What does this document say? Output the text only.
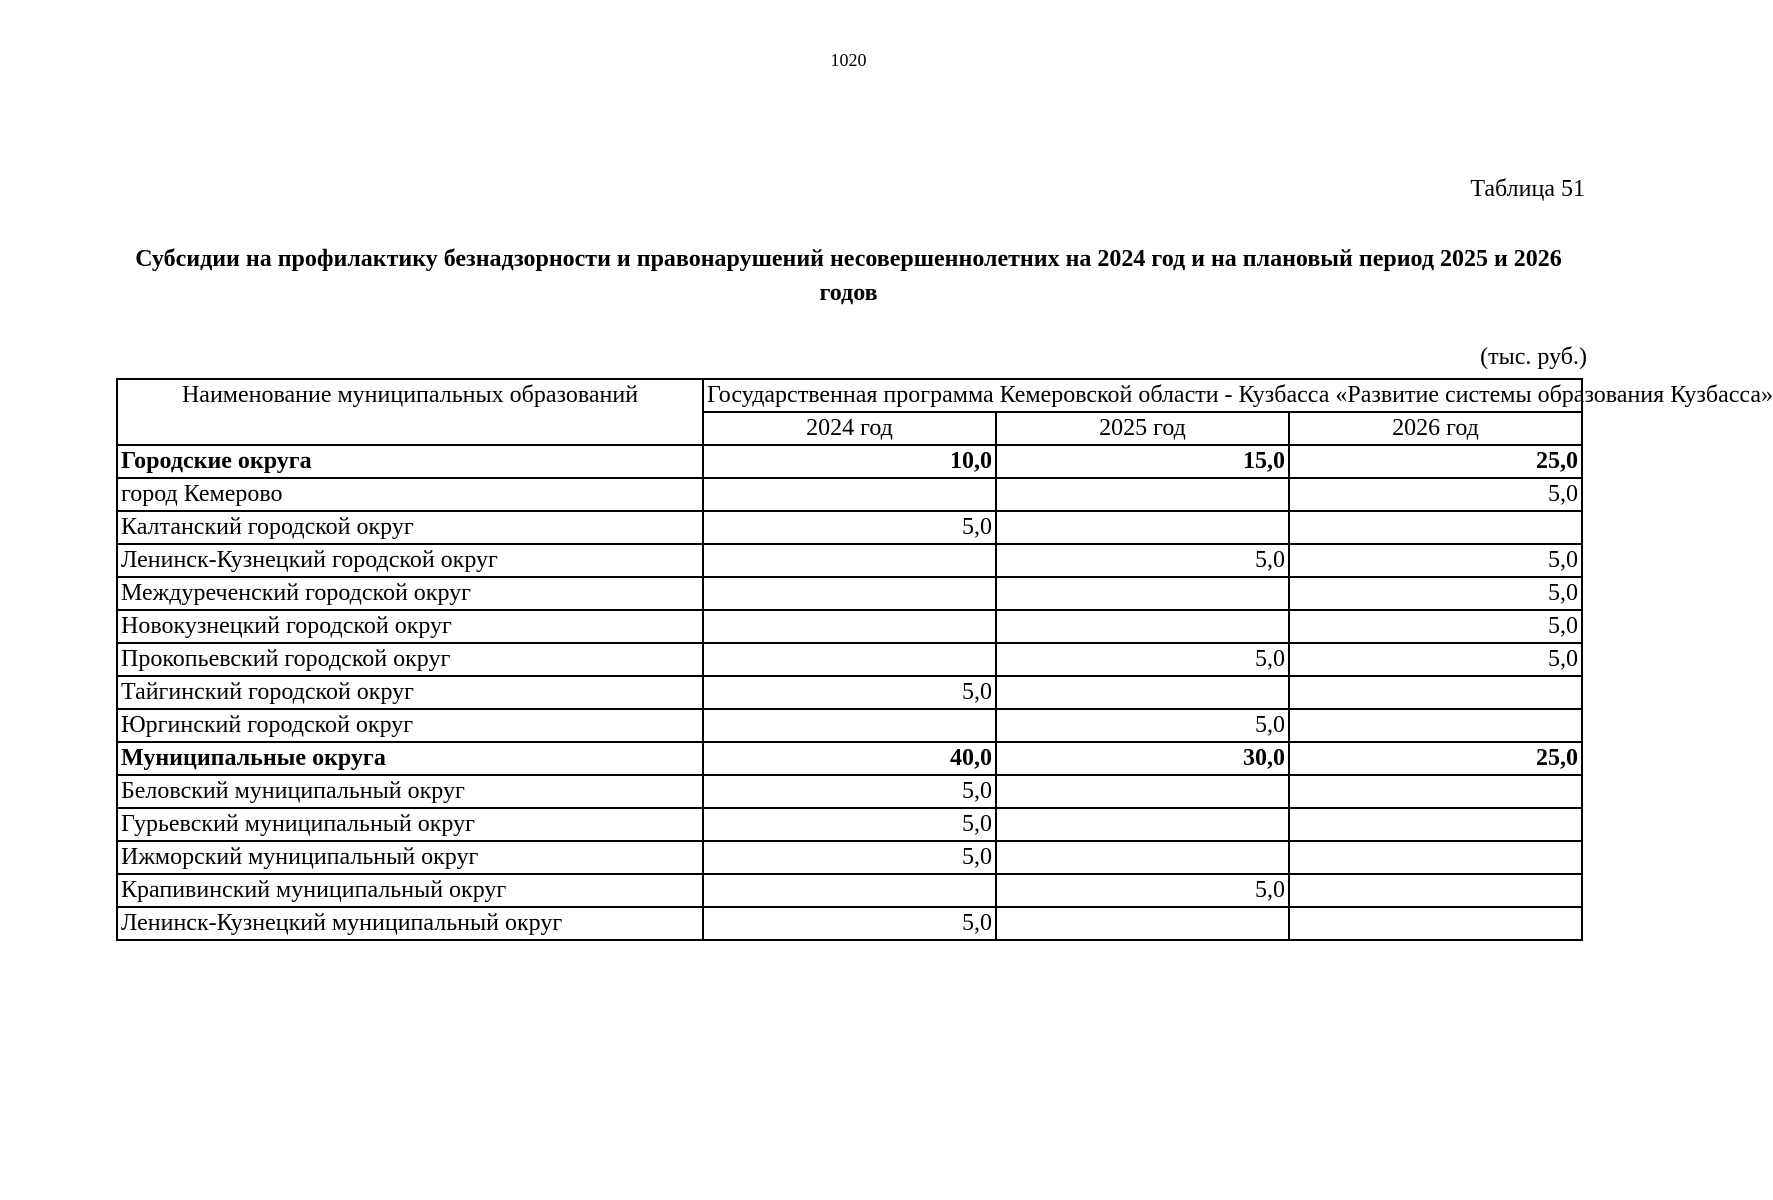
1020
Таблица 51
Субсидии на профилактику безнадзорности и правонарушений несовершеннолетних на 2024 год и на плановый период 2025 и 2026 годов
(тыс. руб.)
Наименование муниципальных образований	Государственная программа Кемеровской области - Кузбасса «Развитие системы образования Кузбасса»		
	2024 год	2025 год	2026 год
Городские округа	10,0	15,0	25,0
город Кемерово			5,0
Калтанский городской округ	5,0		
Ленинск-Кузнецкий городской округ		5,0	5,0
Междуреченский городской округ			5,0
Новокузнецкий городской округ			5,0
Прокопьевский городской округ		5,0	5,0
Тайгинский городской округ	5,0		
Юргинский городской округ		5,0	
Муниципальные округа	40,0	30,0	25,0
Беловский муниципальный округ	5,0		
Гурьевский муниципальный округ	5,0		
Ижморский муниципальный округ	5,0		
Крапивинский муниципальный округ		5,0	
Ленинск-Кузнецкий муниципальный округ	5,0		
